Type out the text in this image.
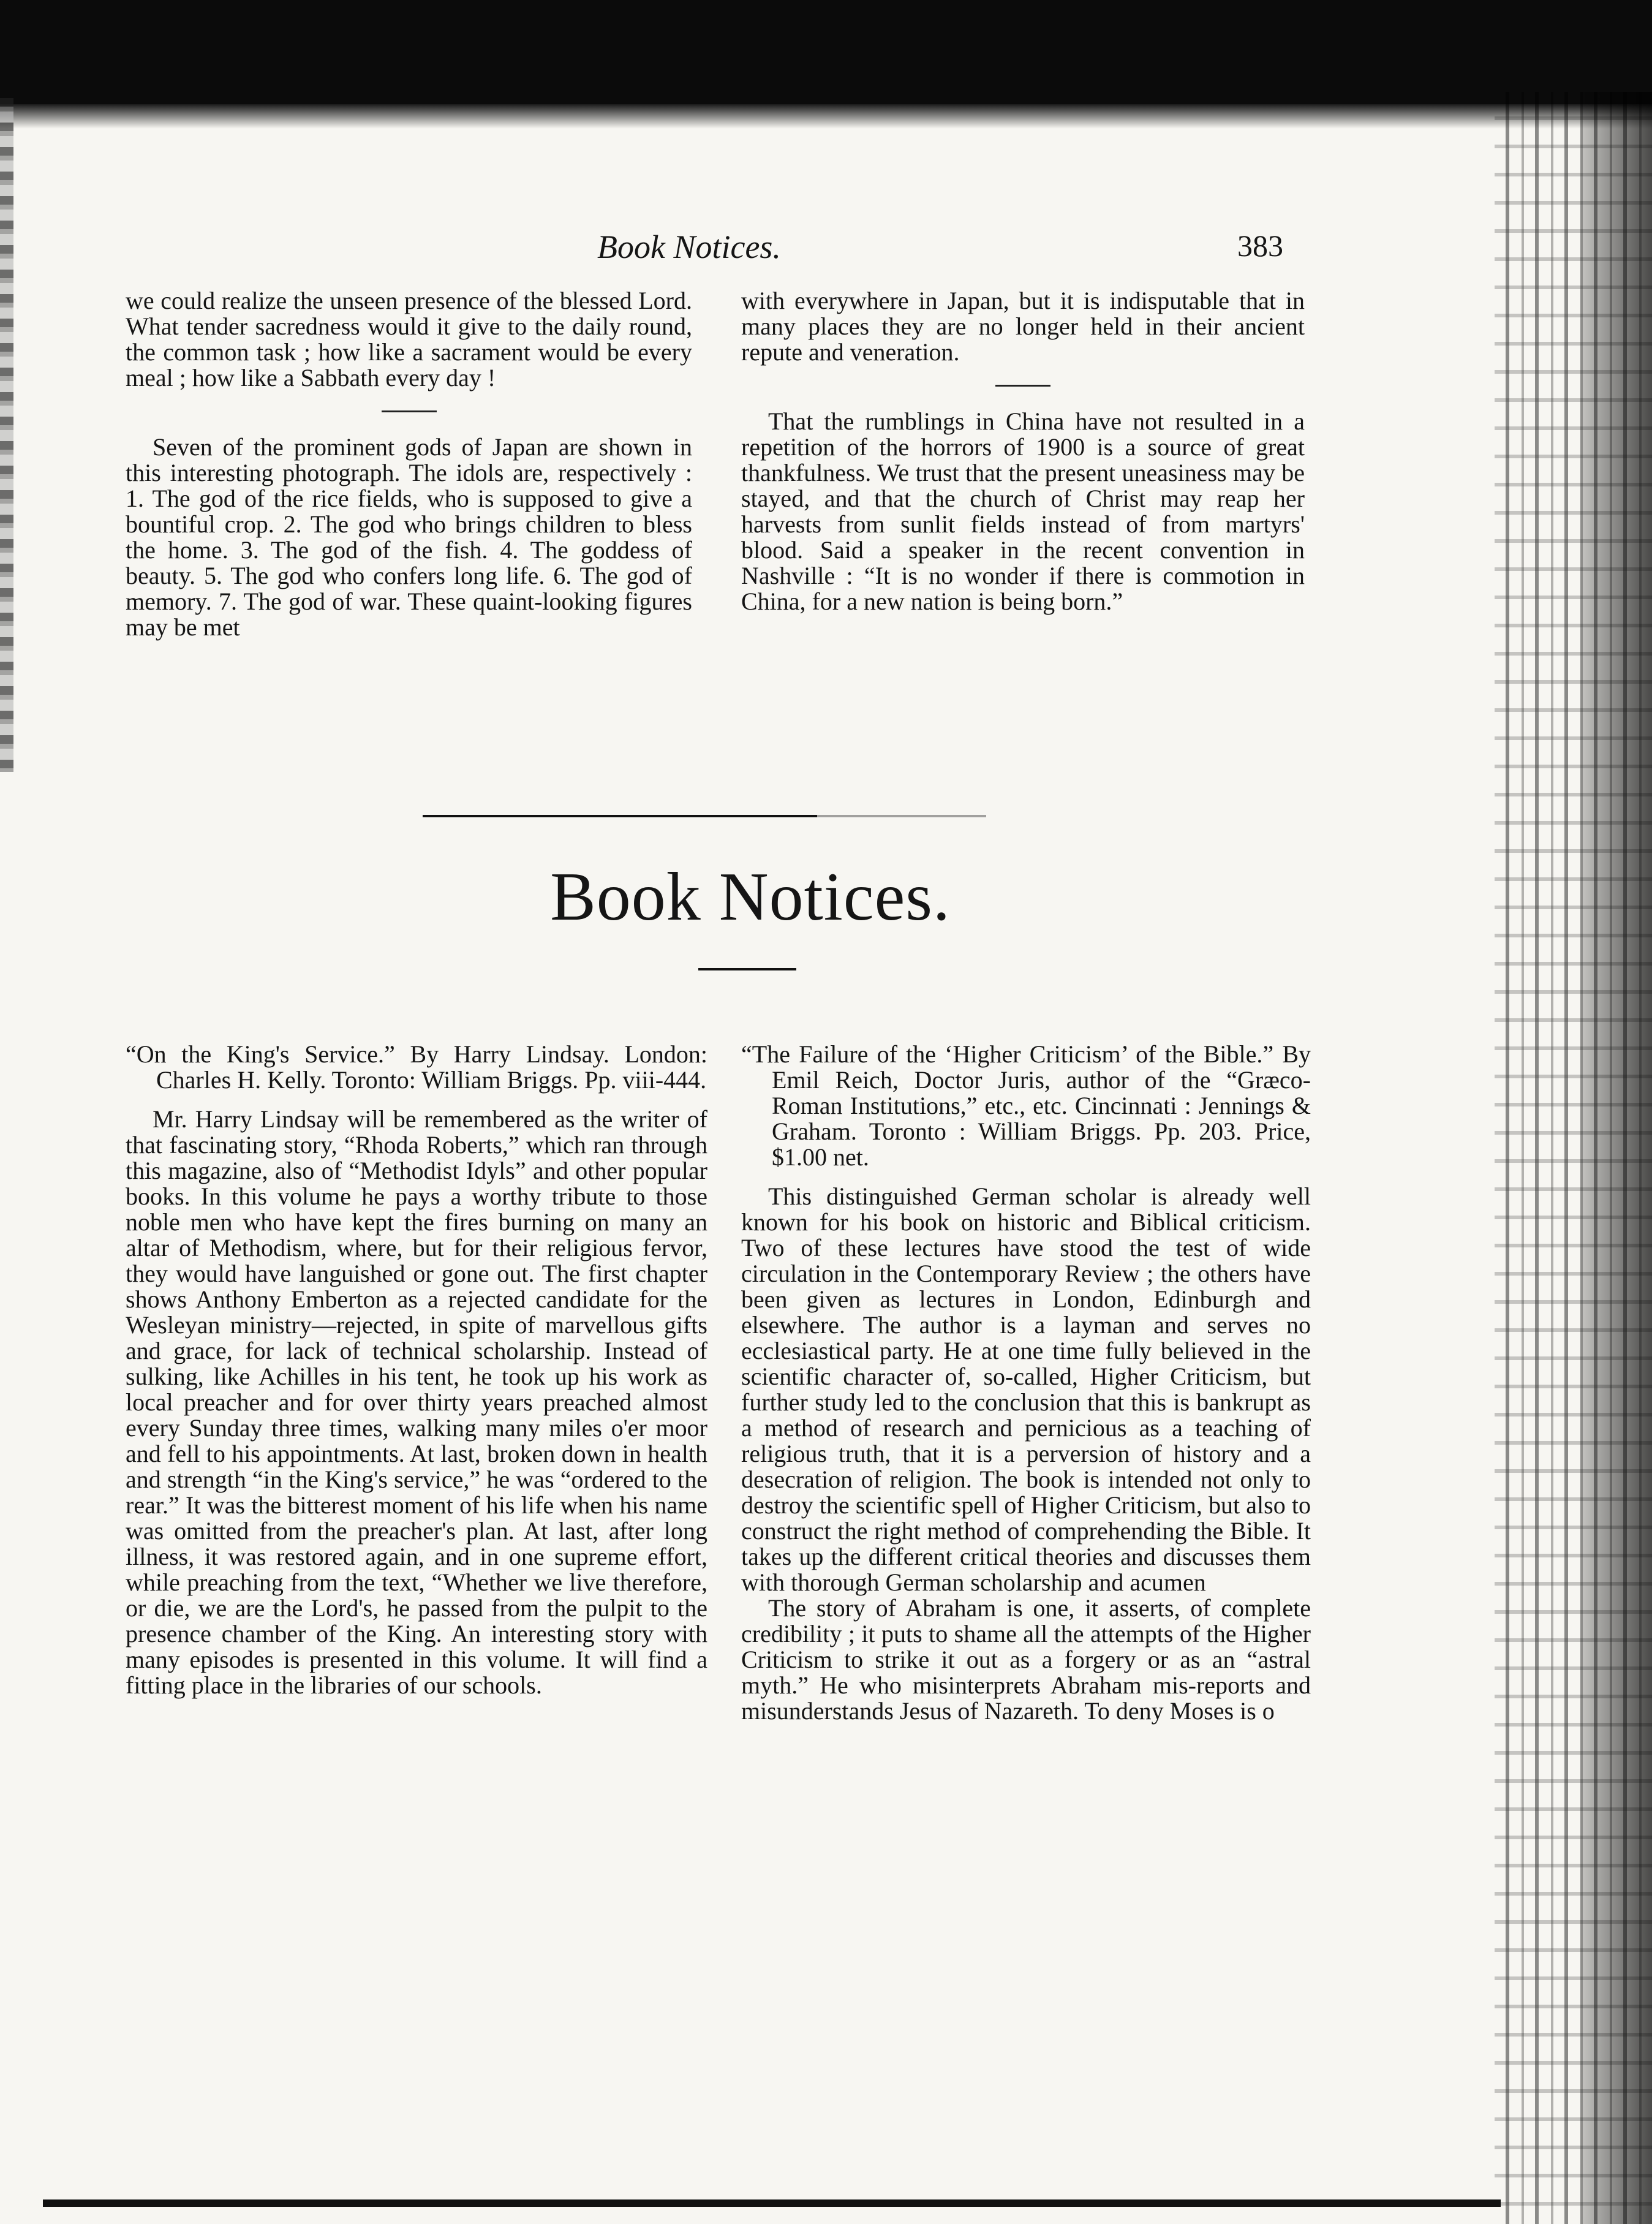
Book Notices.	383

we could realize the unseen presence of the blessed Lord. What tender sacredness would it give to the daily round, the common task ; how like a sacrament would be every meal ; how like a Sabbath every day !

Seven of the prominent gods of Japan are shown in this interesting photograph. The idols are, respectively : 1. The god of the rice fields, who is supposed to give a bountiful crop. 2. The god who brings children to bless the home. 3. The god of the fish. 4. The goddess of beauty. 5. The god who confers long life. 6. The god of memory. 7. The god of war. These quaint-looking figures may be met

with everywhere in Japan, but it is indisputable that in many places they are no longer held in their ancient repute and veneration.

That the rumblings in China have not resulted in a repetition of the horrors of 1900 is a source of great thankfulness. We trust that the present uneasiness may be stayed, and that the church of Christ may reap her harvests from sunlit fields instead of from martyrs' blood. Said a speaker in the recent convention in Nashville : “It is no wonder if there is commotion in China, for a new nation is being born.”

Book Notices.

“On the King's Service.” By Harry Lindsay. London: Charles H. Kelly. Toronto: William Briggs. Pp. viii-444.

Mr. Harry Lindsay will be remembered as the writer of that fascinating story, “Rhoda Roberts,” which ran through this magazine, also of “Methodist Idyls” and other popular books. In this volume he pays a worthy tribute to those noble men who have kept the fires burning on many an altar of Methodism, where, but for their religious fervor, they would have languished or gone out. The first chapter shows Anthony Emberton as a rejected candidate for the Wesleyan ministry—rejected, in spite of marvellous gifts and grace, for lack of technical scholarship. Instead of sulking, like Achilles in his tent, he took up his work as local preacher and for over thirty years preached almost every Sunday three times, walking many miles o'er moor and fell to his appointments. At last, broken down in health and strength “in the King's service,” he was “ordered to the rear.” It was the bitterest moment of his life when his name was omitted from the preacher's plan. At last, after long illness, it was restored again, and in one supreme effort, while preaching from the text, “Whether we live therefore, or die, we are the Lord's, he passed from the pulpit to the presence chamber of the King. An interesting story with many episodes is presented in this volume. It will find a fitting place in the libraries of our schools.

“The Failure of the ‘Higher Criticism’ of the Bible.” By Emil Reich, Doctor Juris, author of the “Græco-Roman Institutions,” etc., etc. Cincinnati : Jennings & Graham. Toronto : William Briggs. Pp. 203. Price, $1.00 net.

This distinguished German scholar is already well known for his book on historic and Biblical criticism. Two of these lectures have stood the test of wide circulation in the Contemporary Review ; the others have been given as lectures in London, Edinburgh and elsewhere. The author is a layman and serves no ecclesiastical party. He at one time fully believed in the scientific character of, so-called, Higher Criticism, but further study led to the conclusion that this is bankrupt as a method of research and pernicious as a teaching of religious truth, that it is a perversion of history and a desecration of religion. The book is intended not only to destroy the scientific spell of Higher Criticism, but also to construct the right method of comprehending the Bible. It takes up the different critical theories and discusses them with thorough German scholarship and acumen

The story of Abraham is one, it asserts, of complete credibility ; it puts to shame all the attempts of the Higher Criticism to strike it out as a forgery or as an “astral myth.” He who misinterprets Abraham mis-reports and misunderstands Jesus of Nazareth. To deny Moses is o
